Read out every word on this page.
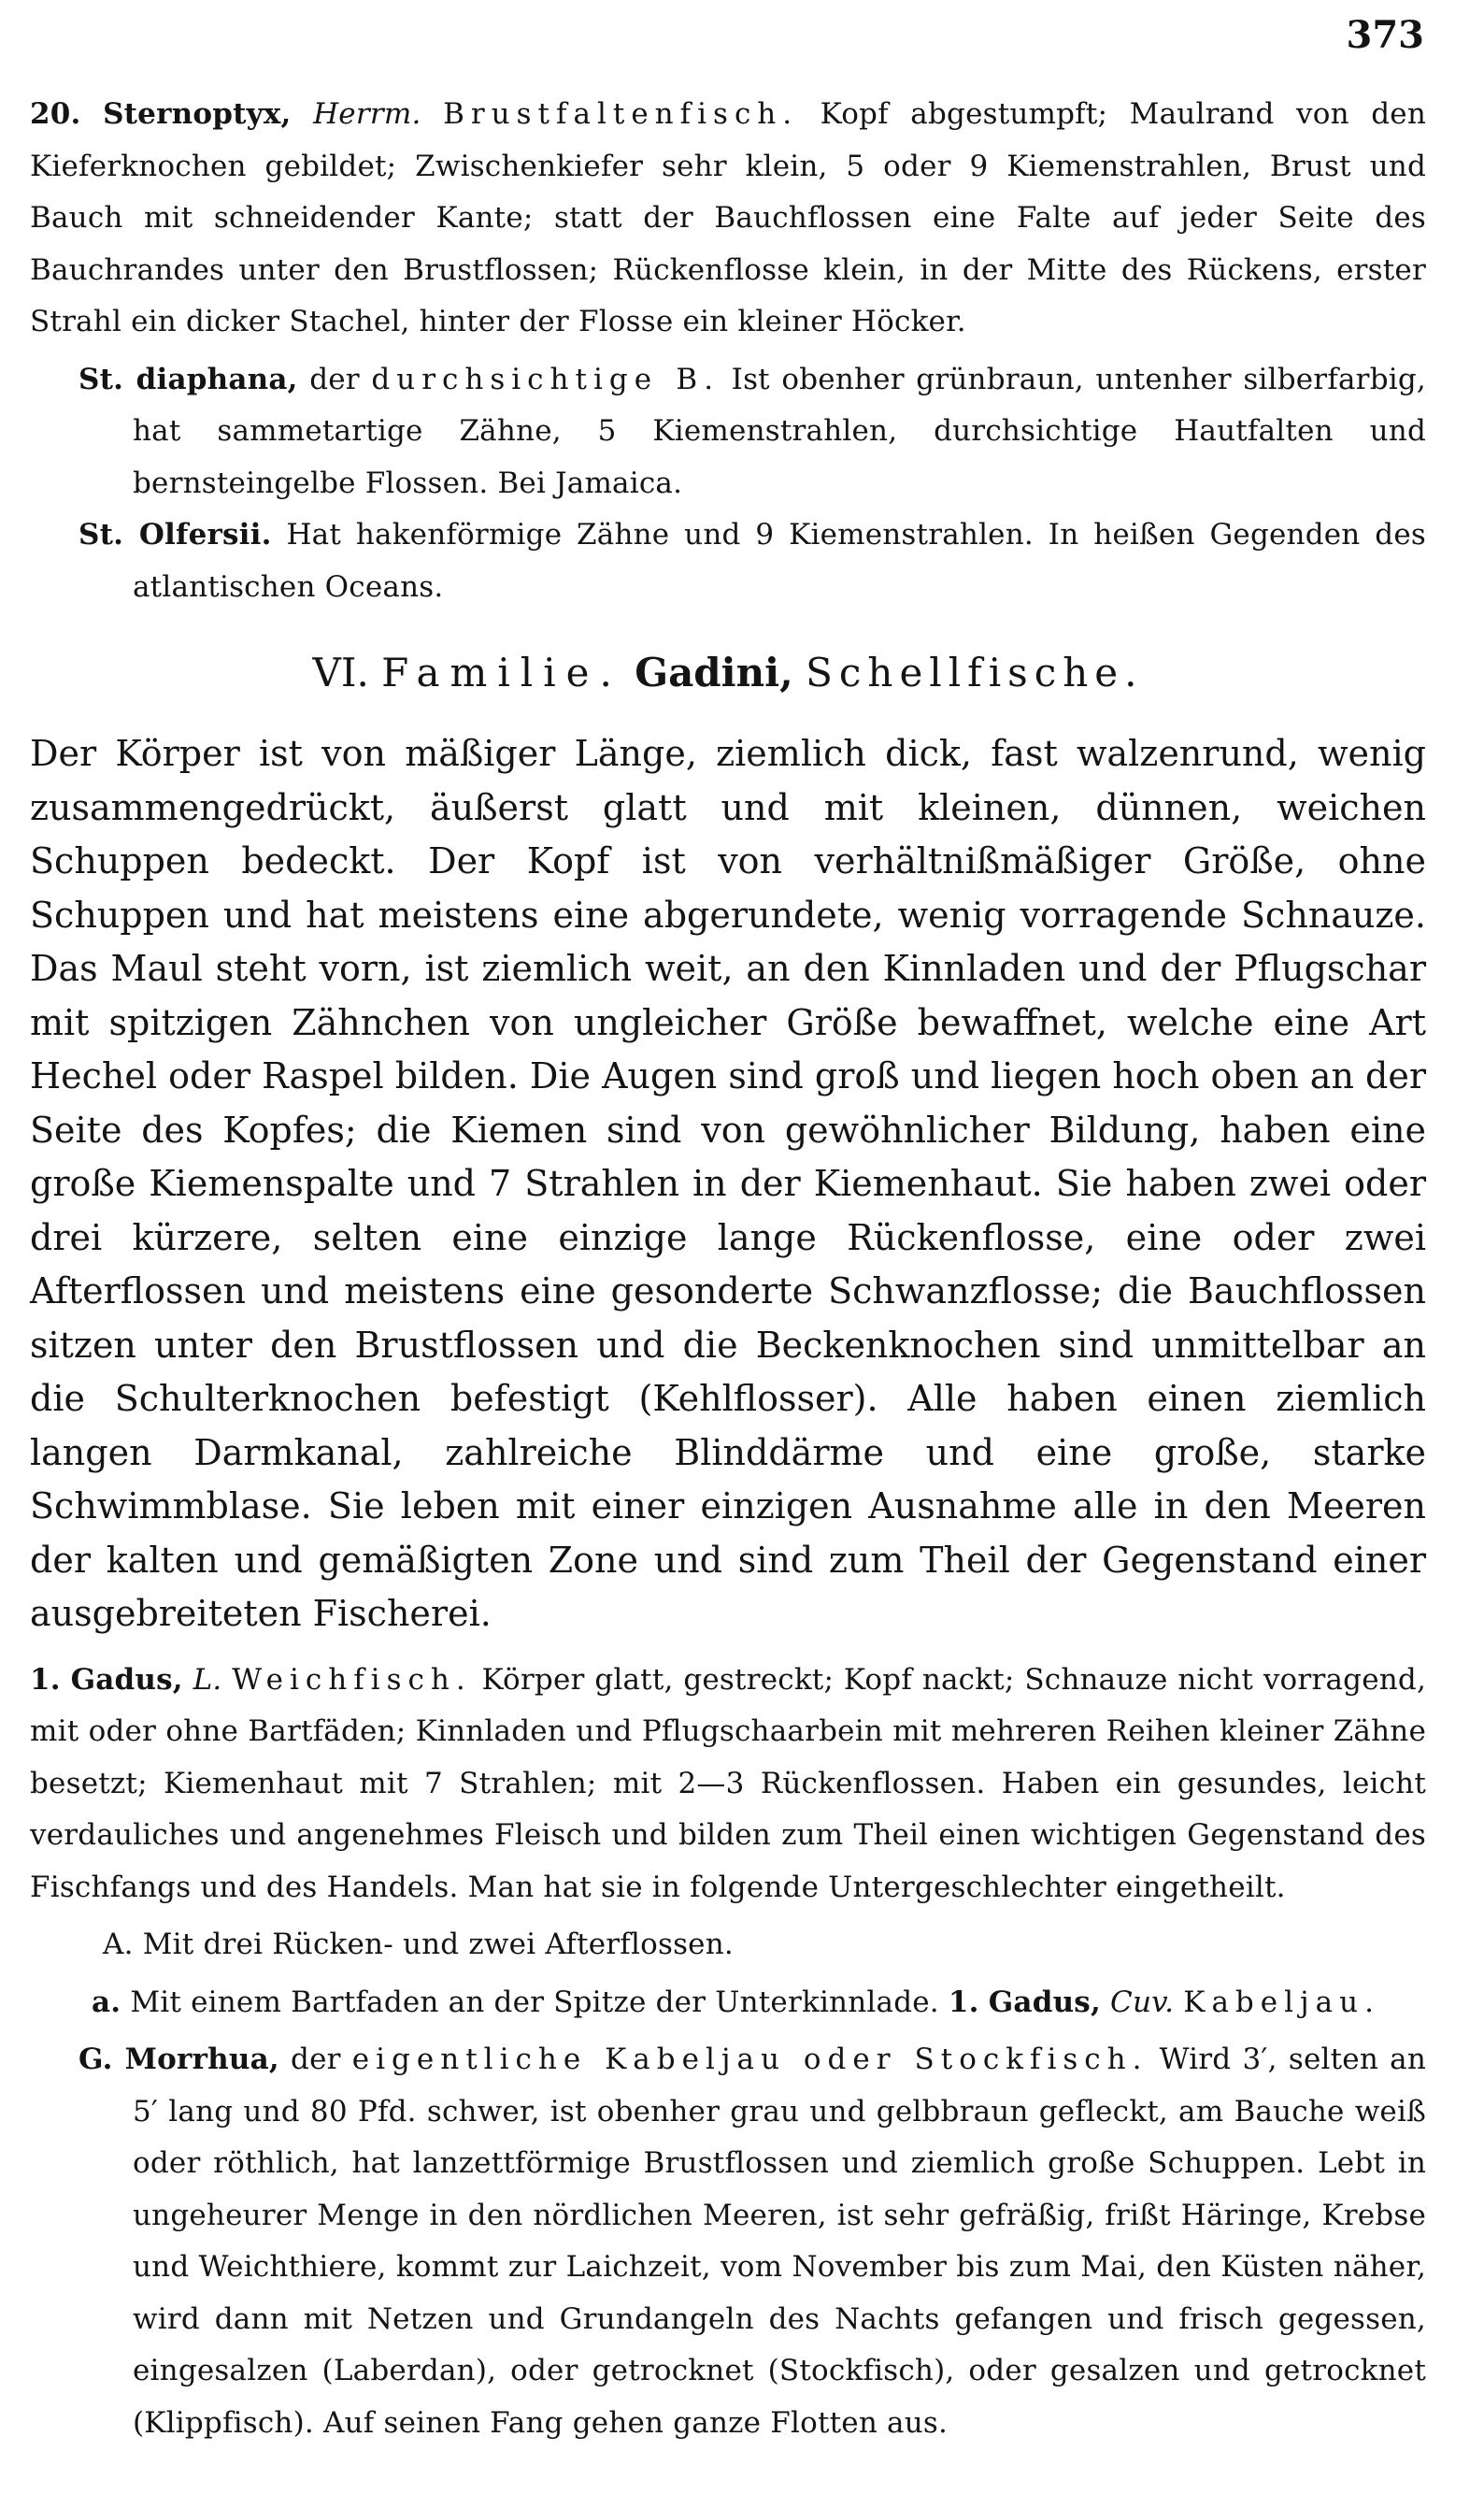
373

20. Sternoptyx, Herrm. Brustfaltenfisch. Kopf abgestumpft; Maulrand von den Kieferknochen gebildet; Zwischenkiefer sehr klein, 5 oder 9 Kiemenstrahlen, Brust und Bauch mit schneidender Kante; statt der Bauchflossen eine Falte auf jeder Seite des Bauchrandes unter den Brustflossen; Rückenflosse klein, in der Mitte des Rückens, erster Strahl ein dicker Stachel, hinter der Flosse ein kleiner Höcker.

St. diaphana, der durchsichtige B. Ist obenher grünbraun, untenher silberfarbig, hat sammetartige Zähne, 5 Kiemenstrahlen, durchsichtige Hautfalten und bernsteingelbe Flossen. Bei Jamaica.

St. Olfersii. Hat hakenförmige Zähne und 9 Kiemenstrahlen. In heißen Gegenden des atlantischen Oceans.

VI. Familie. Gadini, Schellfische.

Der Körper ist von mäßiger Länge, ziemlich dick, fast walzenrund, wenig zusammengedrückt, äußerst glatt und mit kleinen, dünnen, weichen Schuppen bedeckt. Der Kopf ist von verhältnißmäßiger Größe, ohne Schuppen und hat meistens eine abgerundete, wenig vorragende Schnauze. Das Maul steht vorn, ist ziemlich weit, an den Kinnladen und der Pflugschar mit spitzigen Zähnchen von ungleicher Größe bewaffnet, welche eine Art Hechel oder Raspel bilden. Die Augen sind groß und liegen hoch oben an der Seite des Kopfes; die Kiemen sind von gewöhnlicher Bildung, haben eine große Kiemenspalte und 7 Strahlen in der Kiemenhaut. Sie haben zwei oder drei kürzere, selten eine einzige lange Rückenflosse, eine oder zwei Afterflossen und meistens eine gesonderte Schwanzflosse; die Bauchflossen sitzen unter den Brustflossen und die Beckenknochen sind unmittelbar an die Schulterknochen befestigt (Kehlflosser). Alle haben einen ziemlich langen Darmkanal, zahlreiche Blinddärme und eine große, starke Schwimmblase. Sie leben mit einer einzigen Ausnahme alle in den Meeren der kalten und gemäßigten Zone und sind zum Theil der Gegenstand einer ausgebreiteten Fischerei.

1. Gadus, L. Weichfisch. Körper glatt, gestreckt; Kopf nackt; Schnauze nicht vorragend, mit oder ohne Bartfäden; Kinnladen und Pflugschaarbein mit mehreren Reihen kleiner Zähne besetzt; Kiemenhaut mit 7 Strahlen; mit 2—3 Rückenflossen. Haben ein gesundes, leicht verdauliches und angenehmes Fleisch und bilden zum Theil einen wichtigen Gegenstand des Fischfangs und des Handels. Man hat sie in folgende Untergeschlechter eingetheilt.

A. Mit drei Rücken- und zwei Afterflossen.

a. Mit einem Bartfaden an der Spitze der Unterkinnlade. 1. Gadus, Cuv. Kabeljau.

G. Morrhua, der eigentliche Kabeljau oder Stockfisch. Wird 3′, selten an 5′ lang und 80 Pfd. schwer, ist obenher grau und gelbbraun gefleckt, am Bauche weiß oder röthlich, hat lanzettförmige Brustflossen und ziemlich große Schuppen. Lebt in ungeheurer Menge in den nördlichen Meeren, ist sehr gefräßig, frißt Häringe, Krebse und Weichthiere, kommt zur Laichzeit, vom November bis zum Mai, den Küsten näher, wird dann mit Netzen und Grundangeln des Nachts gefangen und frisch gegessen, eingesalzen (Laberdan), oder getrocknet (Stockfisch), oder gesalzen und getrocknet (Klippfisch). Auf seinen Fang gehen ganze Flotten aus.
